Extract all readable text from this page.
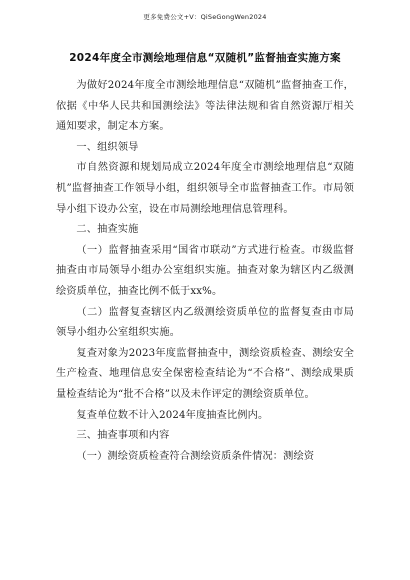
更多免费公文+V：QiSeGongWen2024
2024年度全市测绘地理信息“双随机”监督抽查实施方案

为做好2024年度全市测绘地理信息“双随机”监督抽查工作，依据《中华人民共和国测绘法》等法律法规和省自然资源厅相关通知要求，制定本方案。

一、组织领导

市自然资源和规划局成立2024年度全市测绘地理信息“双随机”监督抽查工作领导小组，组织领导全市监督抽查工作。市局领导小组下设办公室，设在市局测绘地理信息管理科。

二、抽查实施

（一）监督抽查采用“国省市联动”方式进行检查。市级监督抽查由市局领导小组办公室组织实施。抽查对象为辖区内乙级测绘资质单位，抽查比例不低于xx%。

（二）监督复查辖区内乙级测绘资质单位的监督复查由市局领导小组办公室组织实施。

复查对象为2023年度监督抽查中，测绘资质检查、测绘安全生产检查、地理信息安全保密检查结论为“不合格”、测绘成果质量检查结论为“批不合格”以及未作评定的测绘资质单位。

复查单位数不计入2024年度抽查比例内。

三、抽查事项和内容

（一）测绘资质检查符合测绘资质条件情况：测绘资
